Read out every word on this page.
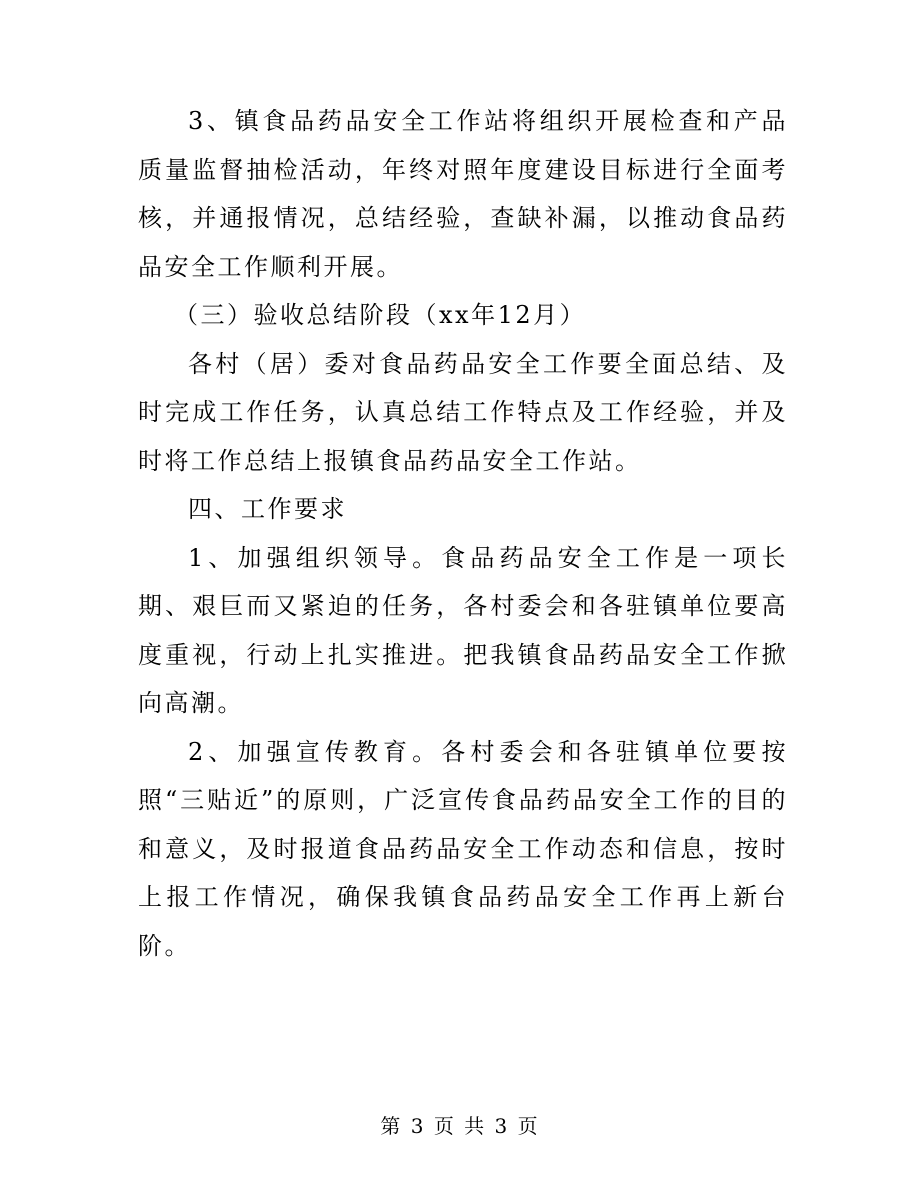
3、镇食品药品安全工作站将组织开展检查和产品质量监督抽检活动，年终对照年度建设目标进行全面考核，并通报情况，总结经验，查缺补漏，以推动食品药品安全工作顺利开展。

（三）验收总结阶段（xx年12月）

各村（居）委对食品药品安全工作要全面总结、及时完成工作任务，认真总结工作特点及工作经验，并及时将工作总结上报镇食品药品安全工作站。

四、工作要求

1、加强组织领导。食品药品安全工作是一项长期、艰巨而又紧迫的任务，各村委会和各驻镇单位要高度重视，行动上扎实推进。把我镇食品药品安全工作掀向高潮。

2、加强宣传教育。各村委会和各驻镇单位要按照“三贴近”的原则，广泛宣传食品药品安全工作的目的和意义，及时报道食品药品安全工作动态和信息，按时上报工作情况，确保我镇食品药品安全工作再上新台阶。

第 3 页 共 3 页
